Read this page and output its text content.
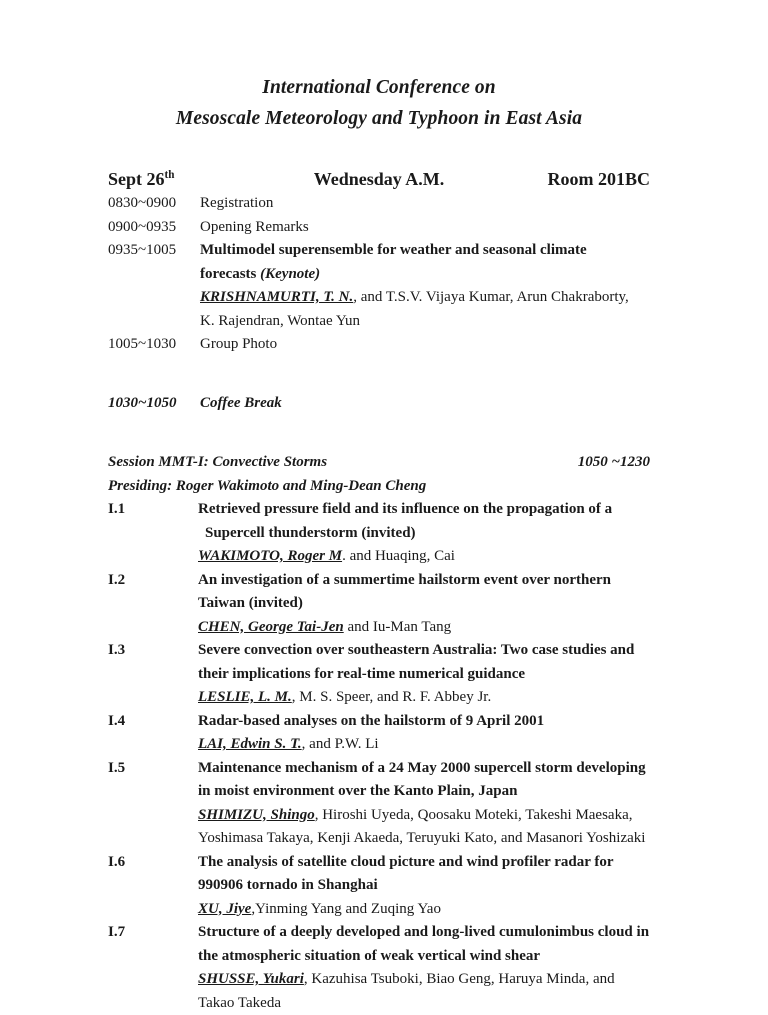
International Conference on
Mesoscale Meteorology and Typhoon in East Asia
Sept 26th	Wednesday A.M.	Room 201BC
0830~0900	Registration
0900~0935	Opening Remarks
0935~1005	Multimodel superensemble for weather and seasonal climate
forecasts (Keynote)
KRISHNAMURTI, T. N., and T.S.V. Vijaya Kumar, Arun Chakraborty,
K. Rajendran, Wontae Yun
1005~1030	Group Photo
1030~1050	Coffee Break
Session MMT-I: Convective Storms	1050 ~1230
Presiding: Roger Wakimoto and Ming-Dean Cheng
I.1	Retrieved pressure field and its influence on the propagation of a
Supercell thunderstorm (invited)
WAKIMOTO, Roger M. and Huaqing, Cai
I.2	An investigation of a summertime hailstorm event over northern
Taiwan (invited)
CHEN, George Tai-Jen and Iu-Man Tang
I.3	Severe convection over southeastern Australia: Two case studies and
their implications for real-time numerical guidance
LESLIE, L. M., M. S. Speer, and R. F. Abbey Jr.
I.4	Radar-based analyses on the hailstorm of 9 April 2001
LAI, Edwin S. T., and P.W. Li
I.5	Maintenance mechanism of a 24 May 2000 supercell storm developing
in moist environment over the Kanto Plain, Japan
SHIMIZU, Shingo, Hiroshi Uyeda, Qoosaku Moteki, Takeshi Maesaka, Yoshimasa Takaya, Kenji Akaeda, Teruyuki Kato, and Masanori Yoshizaki
I.6	The analysis of satellite cloud picture and wind profiler radar for
990906 tornado in Shanghai
XU, Jiye,Yinming Yang and Zuqing Yao
I.7	Structure of a deeply developed and long-lived cumulonimbus cloud in
the atmospheric situation of weak vertical wind shear
SHUSSE, Yukari, Kazuhisa Tsuboki, Biao Geng, Haruya Minda, and Takao Takeda
